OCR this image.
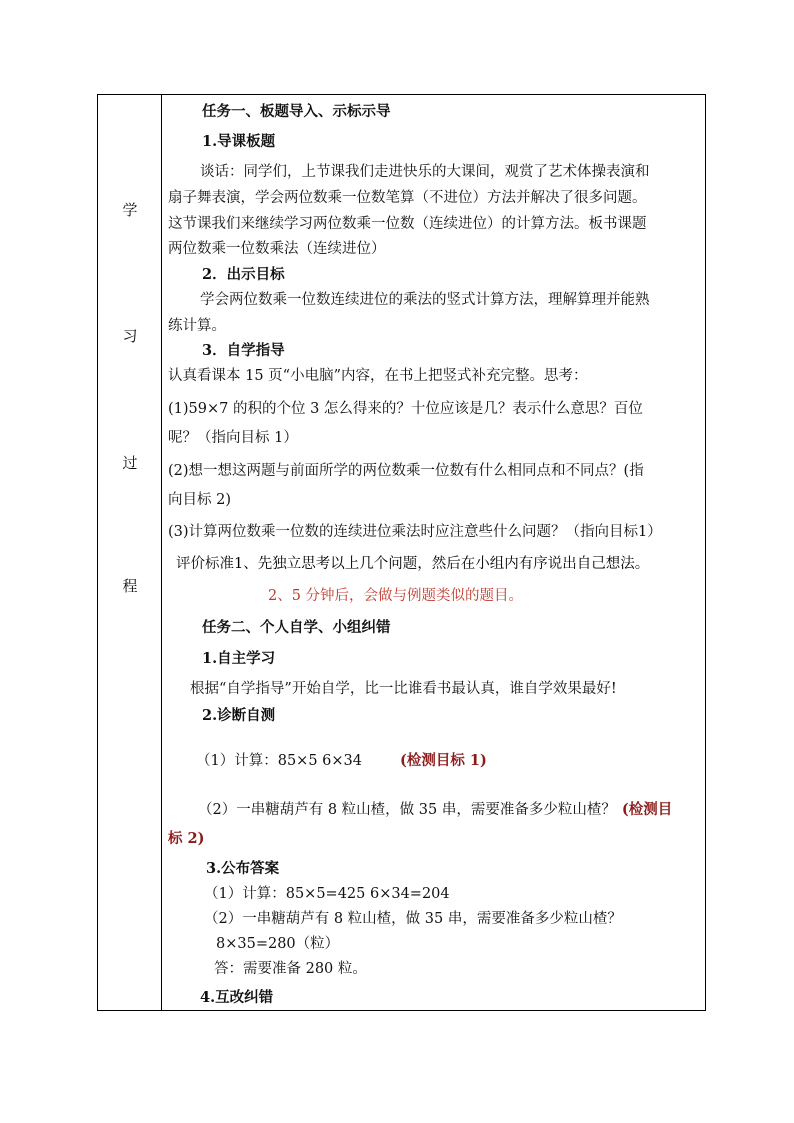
学
习
过
程
任务一、板题导入、示标示导
1.导课板题
谈话：同学们，上节课我们走进快乐的大课间，观赏了艺术体操表演和
扇子舞表演，学会两位数乘一位数笔算（不进位）方法并解决了很多问题。
这节课我们来继续学习两位数乘一位数（连续进位）的计算方法。板书课题
两位数乘一位数乘法（连续进位）
2．出示目标
学会两位数乘一位数连续进位的乘法的竖式计算方法，理解算理并能熟
练计算。
3．自学指导
认真看课本 15 页“小电脑”内容，在书上把竖式补充完整。思考：
(1)59×7 的积的个位 3 怎么得来的？十位应该是几？表示什么意思？百位
呢？（指向目标 1）
(2)想一想这两题与前面所学的两位数乘一位数有什么相同点和不同点？(指
向目标 2)
(3)计算两位数乘一位数的连续进位乘法时应注意些什么问题？（指向目标1）
评价标准1、先独立思考以上几个问题，然后在小组内有序说出自己想法。
2、5 分钟后，会做与例题类似的题目。
任务二、个人自学、小组纠错
1.自主学习
根据“自学指导”开始自学，比一比谁看书最认真，谁自学效果最好!
2.诊断自测
（1）计算：85×5 6×34	(检测目标 1)
（2）一串糖葫芦有 8 粒山楂，做 35 串，需要准备多少粒山楂？ (检测目
标 2)
3.公布答案
（1）计算：85×5=425 6×34=204
（2）一串糖葫芦有 8 粒山楂，做 35 串，需要准备多少粒山楂？
8×35=280（粒）
答：需要准备 280 粒。
4.互改纠错
